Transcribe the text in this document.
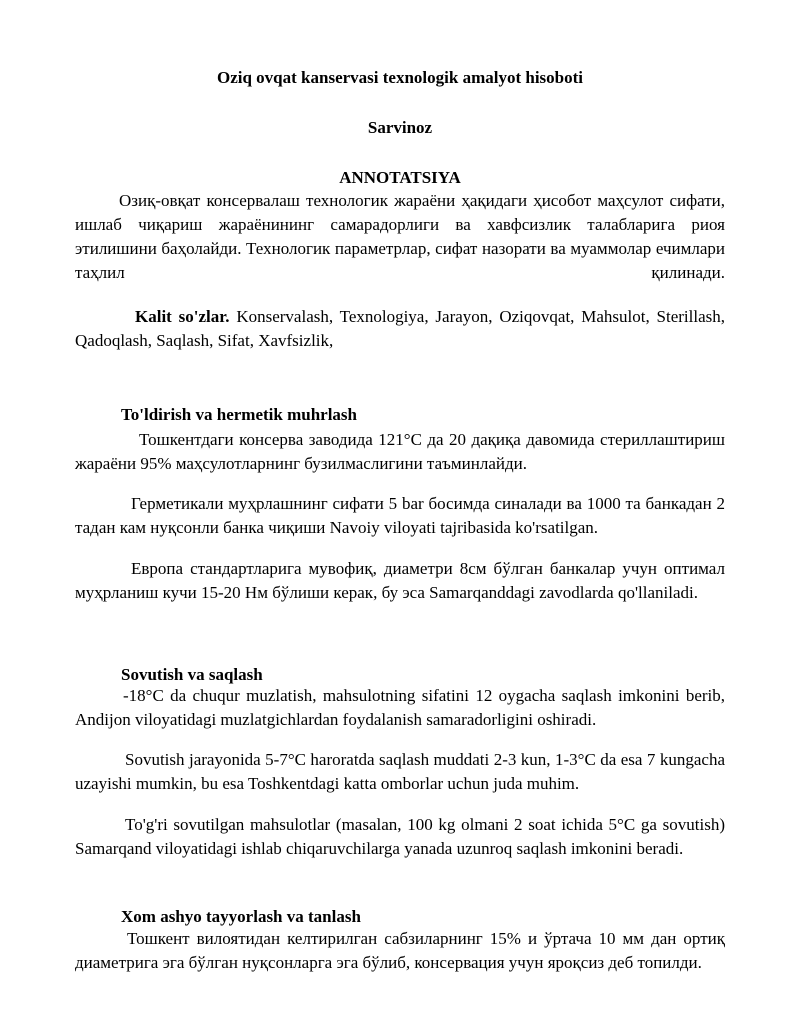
Oziq ovqat kanservasi texnologik amalyot hisoboti
Sarvinoz
ANNOTATSIYA
Озиқ-овқат консервалаш технологик жараёни ҳақидаги ҳисобот маҳсулот сифати, ишлаб чиқариш жараёнининг самарадорлиги ва хавфсизлик талабларига риоя этилишини баҳолайди. Технологик параметрлар, сифат назорати ва муаммолар ечимлари таҳлил қилинади.
Kalit so'zlar. Konservalash, Texnologiya, Jarayon, Oziqovqat, Mahsulot, Sterillash, Qadoqlash, Saqlash, Sifat, Xavfsizlik,
To'ldirish va hermetik muhrlash
Тошкентдаги консерва заводида 121°C да 20 дақиқа давомида стериллаштириш жараёни 95% маҳсулотларнинг бузилмаслигини таъминлайди.
Герметикали муҳрлашнинг сифати 5 bar босимда синалади ва 1000 та банкадан 2 тадан кам нуқсонли банка чиқиши Navoiy viloyati tajribasida ko'rsatilgan.
Европа стандартларига мувофиқ, диаметри 8см бўлган банкалар учун оптимал муҳрланиш кучи 15-20 Нм бўлиши керак, бу эса Samarqanddagi zavodlarda qo'llaniladi.
Sovutish va saqlash
-18°C da chuqur muzlatish, mahsulotning sifatini 12 oygacha saqlash imkonini berib, Andijon viloyatidagi muzlatgichlardan foydalanish samaradorligini oshiradi.
Sovutish jarayonida 5-7°C haroratda saqlash muddati 2-3 kun, 1-3°C da esa 7 kungacha uzayishi mumkin, bu esa Toshkentdagi katta omborlar uchun juda muhim.
To'g'ri sovutilgan mahsulotlar (masalan, 100 kg olmani 2 soat ichida 5°C ga sovutish) Samarqand viloyatidagi ishlab chiqaruvchilarga yanada uzunroq saqlash imkonini beradi.
Xom ashyo tayyorlash va tanlash
Тошкент вилоятидан келтирилган сабзиларнинг 15% и ўртача 10 мм дан ортиқ диаметрига эга бўлган нуқсонларга эга бўлиб, консервация учун яроқсиз деб топилди.
